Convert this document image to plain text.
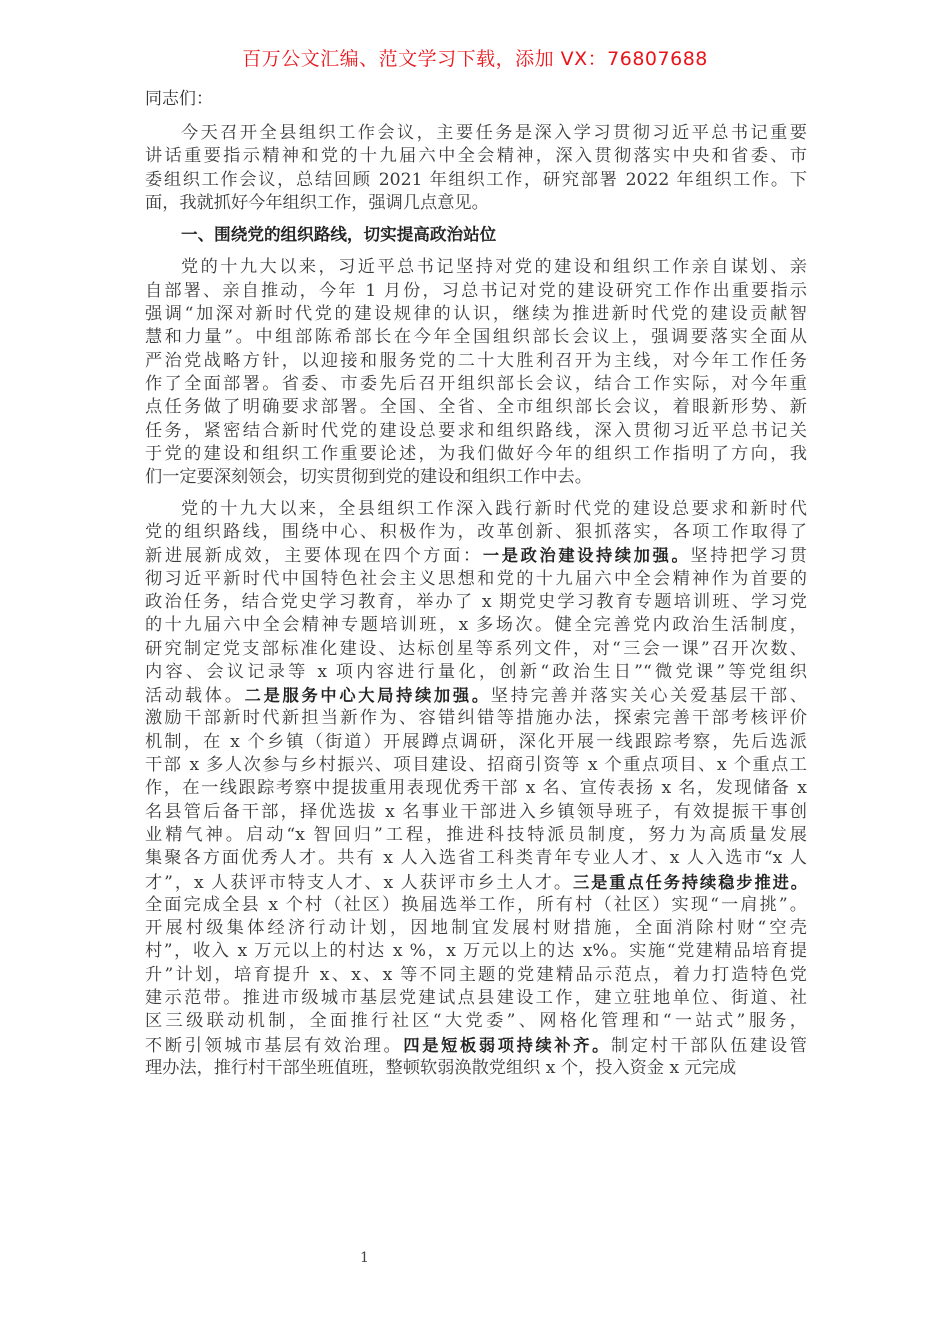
百万公文汇编、范文学习下载，添加 VX：76807688
同志们：
今天召开全县组织工作会议，主要任务是深入学习贯彻习近平总书记重要
讲话重要指示精神和党的十九届六中全会精神，深入贯彻落实中央和省委、市
委组织工作会议，总结回顾 2021 年组织工作，研究部署 2022 年组织工作。下
面，我就抓好今年组织工作，强调几点意见。
一、围绕党的组织路线，切实提高政治站位
党的十九大以来，习近平总书记坚持对党的建设和组织工作亲自谋划、亲
自部署、亲自推动，今年 1 月份，习总书记对党的建设研究工作作出重要指示
强调“加深对新时代党的建设规律的认识，继续为推进新时代党的建设贡献智
慧和力量”。中组部陈希部长在今年全国组织部长会议上，强调要落实全面从
严治党战略方针，以迎接和服务党的二十大胜利召开为主线，对今年工作任务
作了全面部署。省委、市委先后召开组织部长会议，结合工作实际，对今年重
点任务做了明确要求部署。全国、全省、全市组织部长会议，着眼新形势、新
任务，紧密结合新时代党的建设总要求和组织路线，深入贯彻习近平总书记关
于党的建设和组织工作重要论述，为我们做好今年的组织工作指明了方向，我
们一定要深刻领会，切实贯彻到党的建设和组织工作中去。
党的十九大以来，全县组织工作深入践行新时代党的建设总要求和新时代
党的组织路线，围绕中心、积极作为，改革创新、狠抓落实，各项工作取得了
新进展新成效，主要体现在四个方面：一是政治建设持续加强。坚持把学习贯
彻习近平新时代中国特色社会主义思想和党的十九届六中全会精神作为首要的
政治任务，结合党史学习教育，举办了 x 期党史学习教育专题培训班、学习党
的十九届六中全会精神专题培训班，x 多场次。健全完善党内政治生活制度，
研究制定党支部标准化建设、达标创星等系列文件，对“三会一课”召开次数、
内容、会议记录等 x 项内容进行量化，创新“政治生日”“微党课”等党组织
活动载体。二是服务中心大局持续加强。坚持完善并落实关心关爱基层干部、
激励干部新时代新担当新作为、容错纠错等措施办法，探索完善干部考核评价
机制，在 x 个乡镇（街道）开展蹲点调研，深化开展一线跟踪考察，先后选派
干部 x 多人次参与乡村振兴、项目建设、招商引资等 x 个重点项目、x 个重点工
作，在一线跟踪考察中提拔重用表现优秀干部 x 名、宣传表扬 x 名，发现储备 x
名县管后备干部，择优选拔 x 名事业干部进入乡镇领导班子，有效提振干事创
业精气神。启动“x 智回归”工程，推进科技特派员制度，努力为高质量发展
集聚各方面优秀人才。共有 x 人入选省工科类青年专业人才、x 人入选市“x 人
才”，x 人获评市特支人才、x 人获评市乡土人才。三是重点任务持续稳步推进。
全面完成全县 x 个村（社区）换届选举工作，所有村（社区）实现“一肩挑”。
开展村级集体经济行动计划，因地制宜发展村财措施，全面消除村财“空壳
村”，收入 x 万元以上的村达 x %，x 万元以上的达 x%。实施“党建精品培育提
升”计划，培育提升 x、x、x 等不同主题的党建精品示范点，着力打造特色党
建示范带。推进市级城市基层党建试点县建设工作，建立驻地单位、街道、社
区三级联动机制，全面推行社区“大党委”、网格化管理和“一站式”服务，
不断引领城市基层有效治理。四是短板弱项持续补齐。制定村干部队伍建设管
理办法，推行村干部坐班值班，整顿软弱涣散党组织 x 个，投入资金 x 元完成
1
